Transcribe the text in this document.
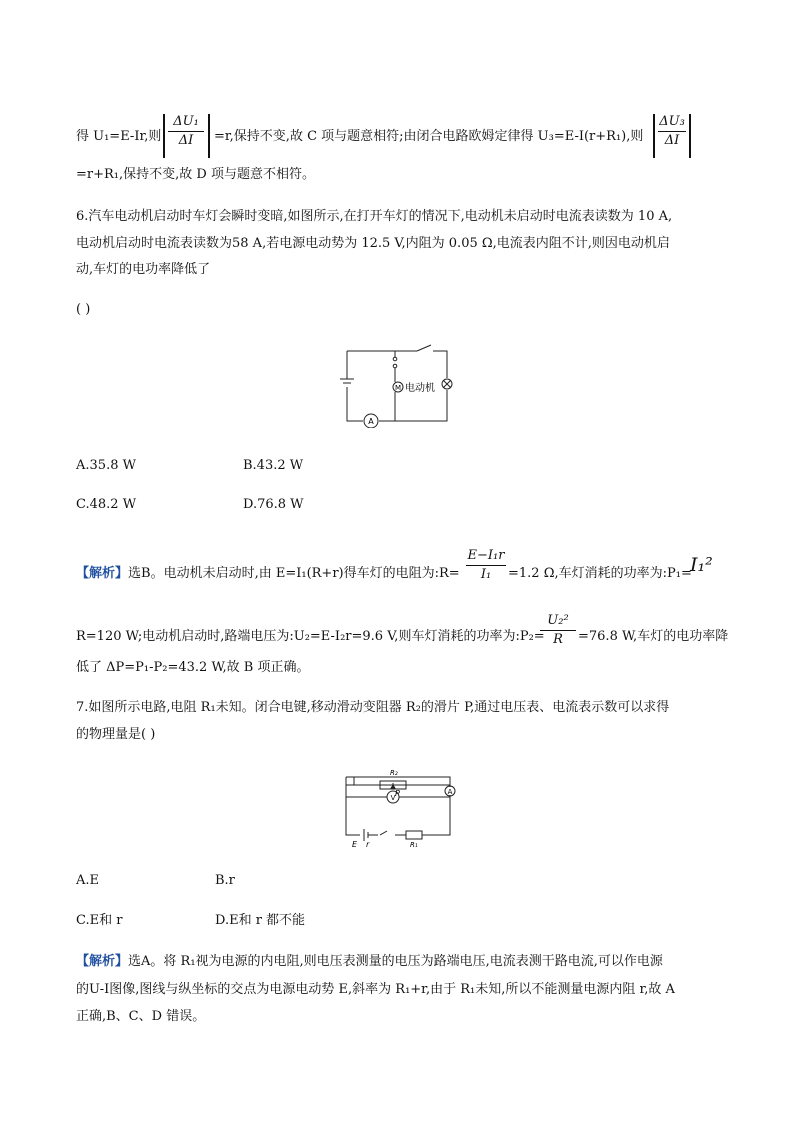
得 U₁=E-Ir,则
ΔU₁
ΔI	=r,保持不变,故 C 项与题意相符;由闭合电路欧姆定律得 U₃=E-I(r+R₁),则
ΔU₃
ΔI
=r+R₁,保持不变,故 D 项与题意不相符。
6.汽车电动机启动时车灯会瞬时变暗,如图所示,在打开车灯的情况下,电动机未启动时电流表读数为 10 A,
电动机启动时电流表读数为58 A,若电源电动势为 12.5 V,内阻为 0.05 Ω,电流表内阻不计,则因电动机启
动,车灯的电功率降低了
( )
M 电动机
A
A.35.8 W	B.43.2 W
C.48.2 W	D.76.8 W
【解析】选B。电动机未启动时,由 E=I₁(R+r)得车灯的电阻为:R=
E−I₁r
I₁	=1.2 Ω,车灯消耗的功率为:P₁=
I₁²
R=120 W;电动机启动时,路端电压为:U₂=E-I₂r=9.6 V,则车灯消耗的功率为:P₂=
U₂²
R	=76.8 W,车灯的电功率降
低了 ΔP=P₁-P₂=43.2 W,故 B 项正确。
7.如图所示电路,电阻 R₁未知。闭合电键,移动滑动变阻器 R₂的滑片 P,通过电压表、电流表示数可以求得
的物理量是( )
R₂
P
V
A
E r	R₁
A.E	B.r
C.E和 r	D.E和 r 都不能
【解析】选A。将 R₁视为电源的内电阻,则电压表测量的电压为路端电压,电流表测干路电流,可以作电源
的U-I图像,图线与纵坐标的交点为电源电动势 E,斜率为 R₁+r,由于 R₁未知,所以不能测量电源内阻 r,故 A
正确,B、C、D 错误。
